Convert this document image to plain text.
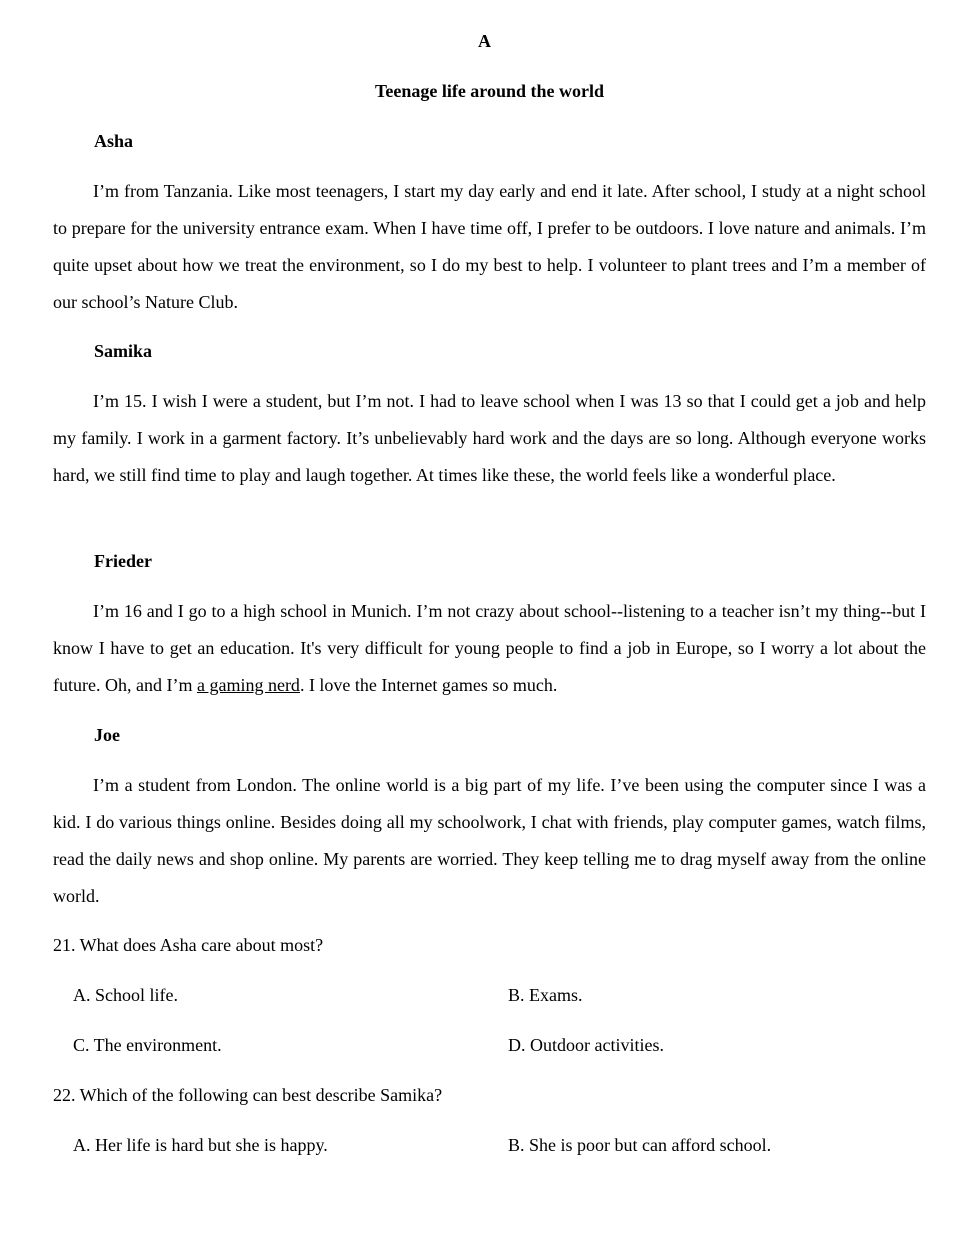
A
Teenage life around the world
Asha

I’m from Tanzania. Like most teenagers, I start my day early and end it late. After school, I study at a night school to prepare for the university entrance exam. When I have time off, I prefer to be outdoors. I love nature and animals. I’m quite upset about how we treat the environment, so I do my best to help. I volunteer to plant trees and I’m a member of our school’s Nature Club.

Samika

I’m 15. I wish I were a student, but I’m not. I had to leave school when I was 13 so that I could get a job and help my family. I work in a garment factory. It’s unbelievably hard work and the days are so long. Although everyone works hard, we still find time to play and laugh together. At times like these, the world feels like a wonderful place.

Frieder

I’m 16 and I go to a high school in Munich. I’m not crazy about school--listening to a teacher isn’t my thing--but I know I have to get an education. It's very difficult for young people to find a job in Europe, so I worry a lot about the future. Oh, and I’m a gaming nerd. I love the Internet games so much.

Joe

I’m a student from London. The online world is a big part of my life. I’ve been using the computer since I was a kid. I do various things online. Besides doing all my schoolwork, I chat with friends, play computer games, watch films, read the daily news and shop online. My parents are worried. They keep telling me to drag myself away from the online world.

21. What does Asha care about most?

A. School life.	B. Exams.
C. The environment.	D. Outdoor activities.

22. Which of the following can best describe Samika?

A. Her life is hard but she is happy.	B. She is poor but can afford school.
